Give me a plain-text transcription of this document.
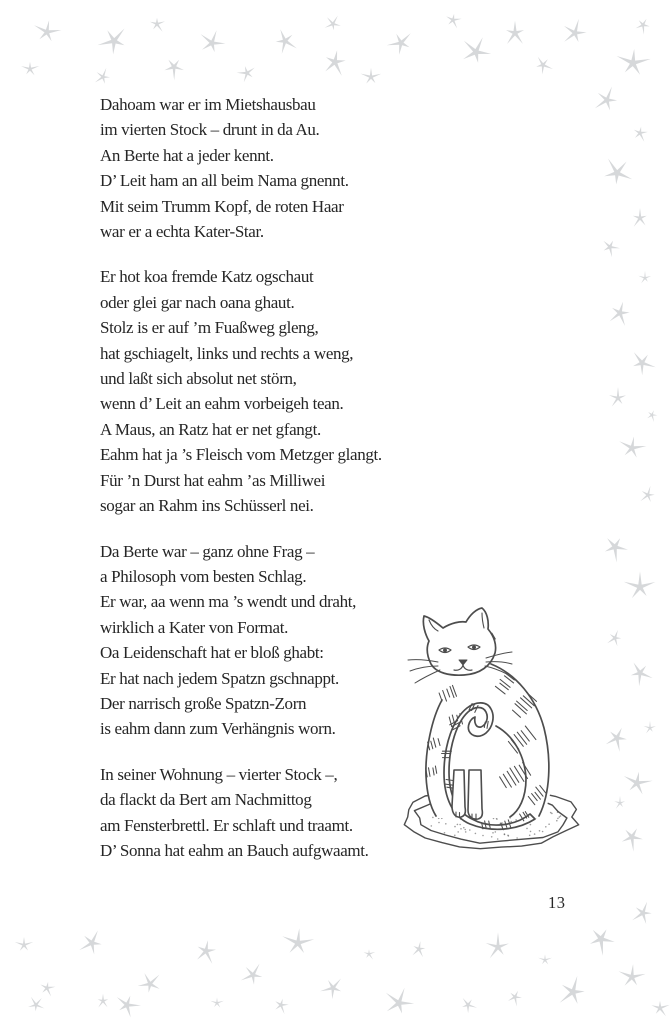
Dahoam war er im Mietshausbau
im vierten Stock – drunt in da Au.
An Berte hat a jeder kennt.
D’ Leit ham an all beim Nama gnennt.
Mit seim Trumm Kopf, de roten Haar
war er a echta Kater-Star.

Er hot koa fremde Katz ogschaut
oder glei gar nach oana ghaut.
Stolz is er auf ’m Fuaßweg gleng,
hat gschiagelt, links und rechts a weng,
und laßt sich absolut net störn,
wenn d’ Leit an eahm vorbeigeh tean.
A Maus, an Ratz hat er net gfangt.
Eahm hat ja ’s Fleisch vom Metzger glangt.
Für ’n Durst hat eahm ’as Milliwei
sogar an Rahm ins Schüsserl nei.

Da Berte war – ganz ohne Frag –
a Philosoph vom besten Schlag.
Er war, aa wenn ma ’s wendt und draht,
wirklich a Kater von Format.
Oa Leidenschaft hat er bloß ghabt:
Er hat nach jedem Spatzn gschnappt.
Der narrisch große Spatzn-Zorn
is eahm dann zum Verhängnis worn.

In seiner Wohnung – vierter Stock –,
da flackt da Bert am Nachmittog
am Fensterbrettl. Er schlaft und traamt.
D’ Sonna hat eahm an Bauch aufgwaamt.

13
